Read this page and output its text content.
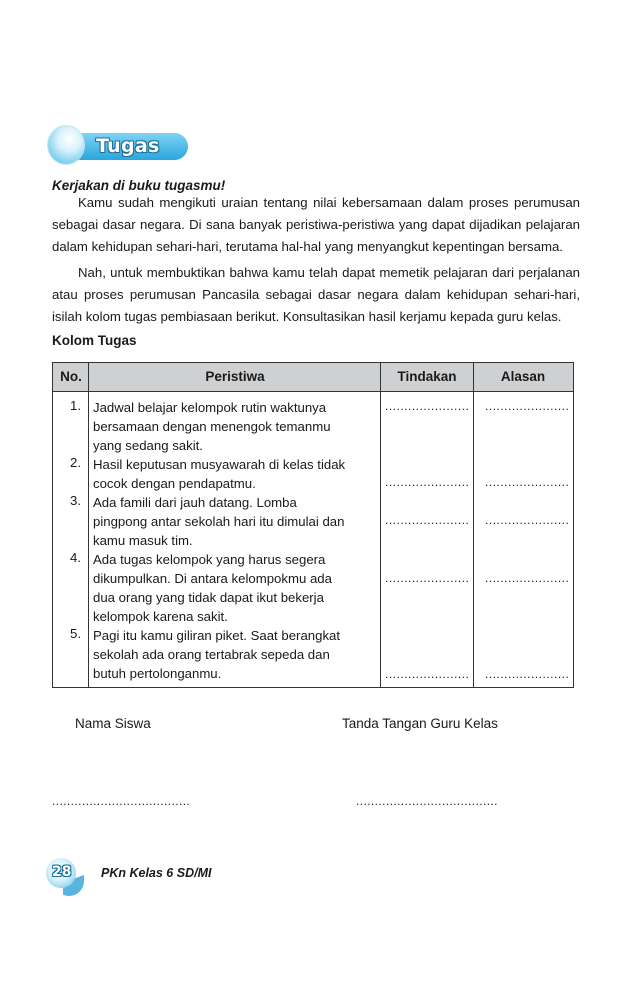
Tugas
Kerjakan di buku tugasmu!

Kamu sudah mengikuti uraian tentang nilai kebersamaan dalam proses perumusan sebagai dasar negara. Di sana banyak peristiwa-peristiwa yang dapat dijadikan pelajaran dalam kehidupan sehari-hari, terutama hal-hal yang menyangkut kepentingan bersama.

Nah, untuk membuktikan bahwa kamu telah dapat memetik pelajaran dari perjalanan atau proses perumusan Pancasila sebagai dasar negara dalam kehidupan sehari-hari, isilah kolom tugas pembiasaan berikut. Konsultasikan hasil kerjamu kepada guru kelas.

Kolom Tugas
No.	Peristiwa	Tindakan	Alasan
1. Jadwal belajar kelompok rutin waktunya
bersamaan dengan menengok temanmu
yang sedang sakit.
...................... ......................
2. Hasil keputusan musyawarah di kelas tidak
cocok dengan pendapatmu.	...................... ......................
3. Ada famili dari jauh datang. Lomba
pingpong antar sekolah hari itu dimulai dan
kamu masuk tim.
...................... ......................
4. Ada tugas kelompok yang harus segera
dikumpulkan. Di antara kelompokmu ada
dua orang yang tidak dapat ikut bekerja
kelompok karena sakit.
...................... ......................
5. Pagi itu kamu giliran piket. Saat berangkat
sekolah ada orang tertabrak sepeda dan
butuh pertolonganmu.	...................... ......................
Nama Siswa	Tanda Tangan Guru Kelas
.....................................	......................................
28 PKn Kelas 6 SD/MI
